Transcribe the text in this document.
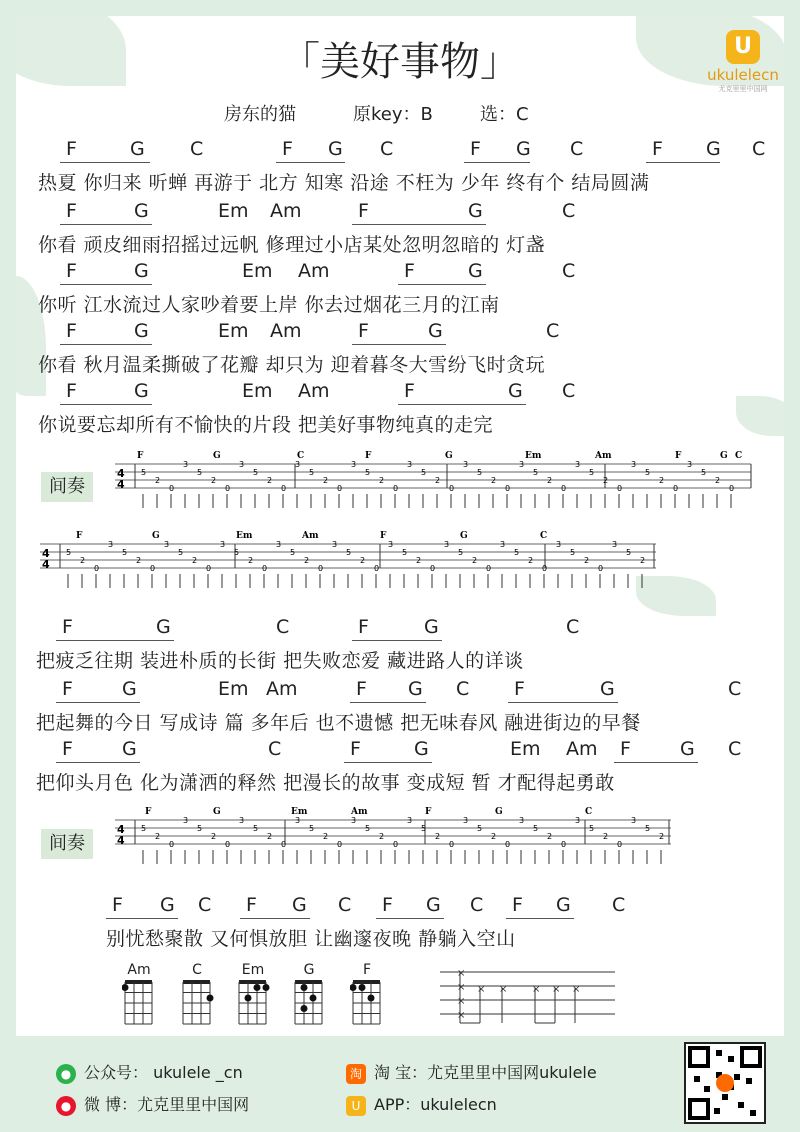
「美好事物」
房东的猫	原key：B	选：C
U
ukulelecn
尤克里里中国网
F	G C	F G C	F G C	F G C
热夏 你归来 听蝉 再游于 北方 知寒 沿途 不枉为 少年 终有个 结局圆满
F	G	Em Am	F	G	C
你看 顽皮细雨招摇过远帆 修理过小店某处忽明忽暗的 灯盏
F	G	Em Am	F	G	C
你听 江水流过人家吵着要上岸 你去过烟花三月的江南
F	G	Em Am	F	G	C
你看 秋月温柔撕破了花瓣 却只为 迎着暮冬大雪纷飞时贪玩
F	G	Em Am	F	G C
你说要忘却所有不愉快的片段 把美好事物纯真的走完
F	G	C	F	G	C
把疲乏往期 装进朴质的长街 把失败恋爱 藏进路人的详谈
F	G	Em Am	F G C F	G	C
把起舞的今日 写成诗 篇 多年后 也不遗憾 把无味春风 融进街边的早餐
F	G	C	F	G	Em Am F	G C
把仰头月色 化为潇洒的释然 把漫长的故事 变成短 暂 才配得起勇敢
F G C F G C F G C F G C
别忧愁聚散 又何惧放胆 让幽邃夜晚 静躺入空山
间奏
4
4
F	G	C	F	G	Em	Am	F	G C
5
2
0
3
5
2
0
3
5
2
0
3
5
2
0
3
5
2
0
3
5
2
0
3
5
2
0
3
5
2
0
3
5
2
0
3
5
2
0
3
5
2
0
4
4
F	G	Em	Am	F	G	C
5
2
0
3
5
2
0
3
5
2
0
3
5
2
0
3
5
2
0
3
5
2
0
3
5
2
0
3
5
2
0
3
5
2
0
3
5
2
0
3
5
2
间奏
4
4
F	G	Em	Am	F	G	C
5
2
0
3
5
2
0
3
5
2
0
3
5
2
0
3
5
2
0
3
5
2
0
3
5
2
0
3
5
2
0
3
5
2
0
3
5
2
Am	C	Em	G	F	×
×
×
×
× × × × ×
● 公众号： ukulele _cn	淘 淘 宝：尤克里里中国网ukulele
● 微 博：尤克里里中国网	U APP：ukulelecn
